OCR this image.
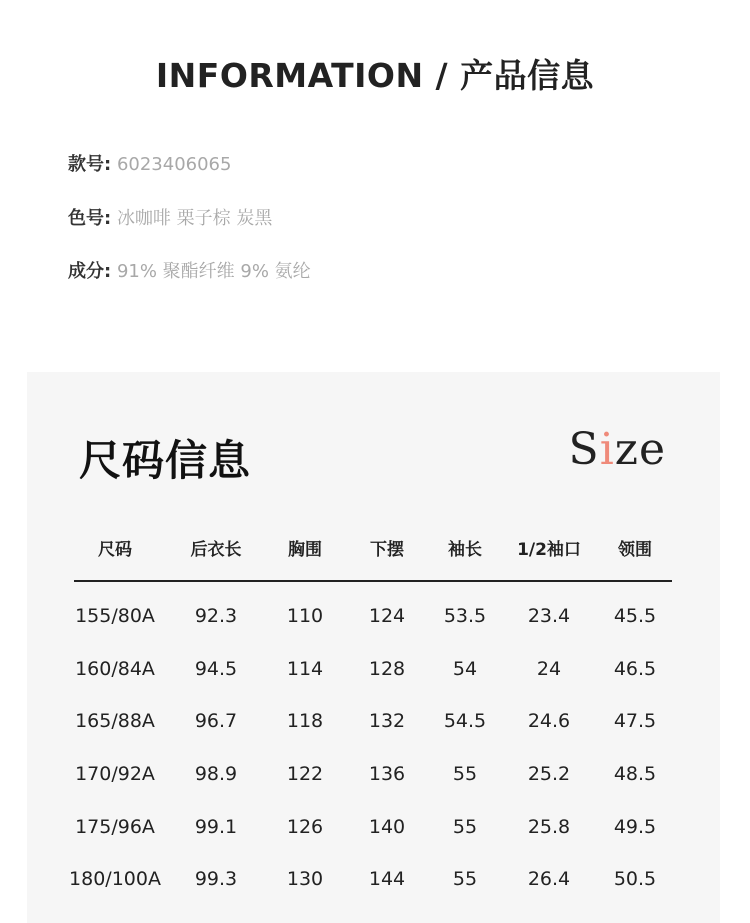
INFORMATION / 产品信息
款号: 6023406065
色号: 冰咖啡 栗子棕 炭黑
成分: 91% 聚酯纤维 9% 氨纶
尺码信息	Size
尺码	后衣长	胸围	下摆	袖长	1/2袖口	领围
155/80A	92.3	110	124	53.5	23.4	45.5
160/84A	94.5	114	128	54	24	46.5
165/88A	96.7	118	132	54.5	24.6	47.5
170/92A	98.9	122	136	55	25.2	48.5
175/96A	99.1	126	140	55	25.8	49.5
180/100A	99.3	130	144	55	26.4	50.5
